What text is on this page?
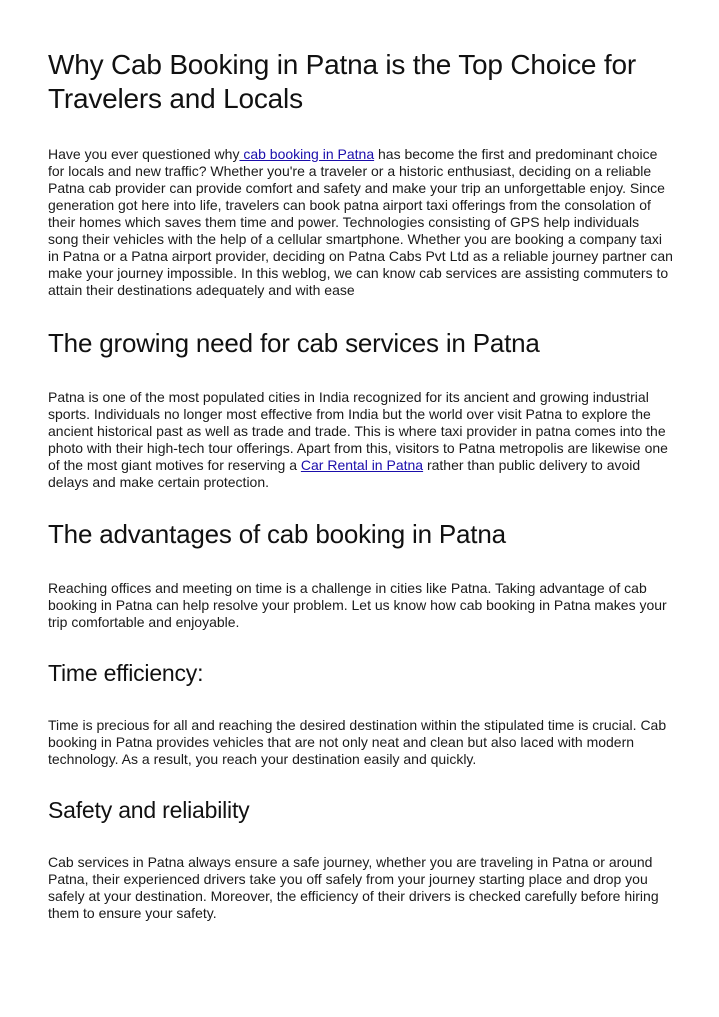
Why Cab Booking in Patna is the Top Choice for Travelers and Locals

Have you ever questioned why cab booking in Patna has become the first and predominant choice for locals and new traffic? Whether you're a traveler or a historic enthusiast, deciding on a reliable Patna cab provider can provide comfort and safety and make your trip an unforgettable enjoy. Since generation got here into life, travelers can book patna airport taxi offerings from the consolation of their homes which saves them time and power. Technologies consisting of GPS help individuals song their vehicles with the help of a cellular smartphone. Whether you are booking a company taxi in Patna or a Patna airport provider, deciding on Patna Cabs Pvt Ltd as a reliable journey partner can make your journey impossible. In this weblog, we can know cab services are assisting commuters to attain their destinations adequately and with ease

The growing need for cab services in Patna

Patna is one of the most populated cities in India recognized for its ancient and growing industrial sports. Individuals no longer most effective from India but the world over visit Patna to explore the ancient historical past as well as trade and trade. This is where taxi provider in patna comes into the photo with their high-tech tour offerings. Apart from this, visitors to Patna metropolis are likewise one of the most giant motives for reserving a Car Rental in Patna rather than public delivery to avoid delays and make certain protection.

The advantages of cab booking in Patna

Reaching offices and meeting on time is a challenge in cities like Patna. Taking advantage of cab booking in Patna can help resolve your problem. Let us know how cab booking in Patna makes your trip comfortable and enjoyable.

Time efficiency:

Time is precious for all and reaching the desired destination within the stipulated time is crucial. Cab booking in Patna provides vehicles that are not only neat and clean but also laced with modern technology. As a result, you reach your destination easily and quickly.

Safety and reliability

Cab services in Patna always ensure a safe journey, whether you are traveling in Patna or around Patna, their experienced drivers take you off safely from your journey starting place and drop you safely at your destination. Moreover, the efficiency of their drivers is checked carefully before hiring them to ensure your safety.
